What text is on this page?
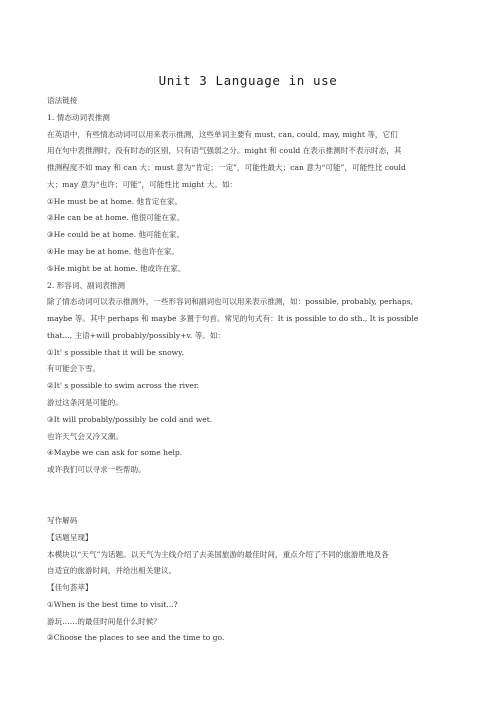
Unit 3 Language in use
语法链接
1. 情态动词表推测
在英语中，有些情态动词可以用来表示推测，这些单词主要有 must, can, could, may, might 等，它们
用在句中表推测时，没有时态的区别，只有语气强弱之分。might 和 could 在表示推测时不表示时态，其
推测程度不如 may 和 can 大；must 意为“肯定；一定”，可能性最大；can 意为“可能”，可能性比 could
大；may 意为“也许；可能”，可能性比 might 大。如：
①He must be at home. 他肯定在家。
②He can be at home. 他很可能在家。
③He could be at home. 他可能在家。
④He may be at home. 他也许在家。
⑤He might be at home. 他或许在家。
2. 形容词、副词表推测
除了情态动词可以表示推测外，一些形容词和副词也可以用来表示推测，如：possible, probably, perhaps,
maybe 等。其中 perhaps 和 maybe 多置于句首。常见的句式有：It is possible to do sth., It is possible
that..., 主语+will probably/possibly+v. 等。如：
①It' s possible that it will be snowy.
有可能会下雪。
②It' s possible to swim across the river.
游过这条河是可能的。
③It will probably/possibly be cold and wet.
也许天气会又冷又潮。
④Maybe we can ask for some help.
或许我们可以寻求一些帮助。
写作解码
【话题呈现】
本模块以“天气”为话题。以天气为主线介绍了去美国旅游的最佳时间，重点介绍了不同的旅游胜地及各
自适宜的旅游时间，并给出相关建议。
【佳句荟萃】
①When is the best time to visit...?
游玩……的最佳时间是什么时候？
②Choose the places to see and the time to go.
